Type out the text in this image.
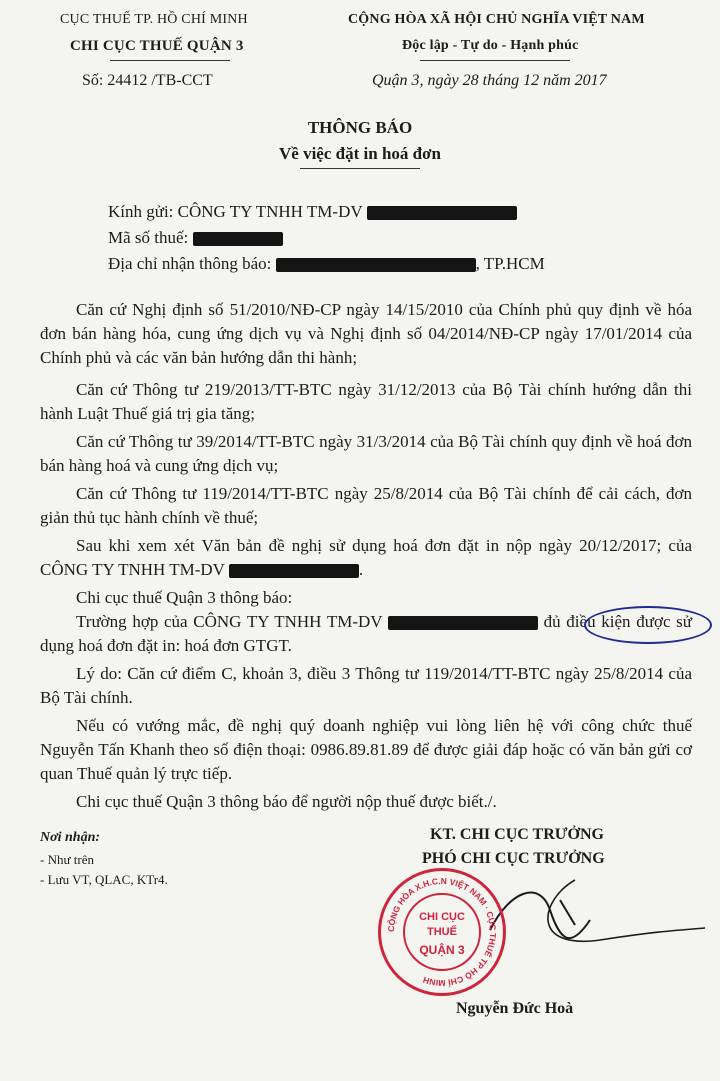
CỤC THUẾ TP. HỒ CHÍ MINH
CHI CỤC THUẾ QUẬN 3
Số: 24412 /TB-CCT
CỘNG HÒA XÃ HỘI CHỦ NGHĨA VIỆT NAM
Độc lập - Tự do - Hạnh phúc
Quận 3, ngày 28 tháng 12 năm 2017
THÔNG BÁO
Về việc đặt in hoá đơn
Kính gửi: CÔNG TY TNHH TM-DV
Mã số thuế:
Địa chỉ nhận thông báo:	, TP.HCM
Căn cứ Nghị định số 51/2010/NĐ-CP ngày 14/15/2010 của Chính phủ quy định về hóa đơn bán hàng hóa, cung ứng dịch vụ và Nghị định số 04/2014/NĐ-CP ngày 17/01/2014 của Chính phủ và các văn bản hướng dẫn thi hành;
Căn cứ Thông tư 219/2013/TT-BTC ngày 31/12/2013 của Bộ Tài chính hướng dẫn thi hành Luật Thuế giá trị gia tăng;
Căn cứ Thông tư 39/2014/TT-BTC ngày 31/3/2014 của Bộ Tài chính quy định về hoá đơn bán hàng hoá và cung ứng dịch vụ;
Căn cứ Thông tư 119/2014/TT-BTC ngày 25/8/2014 của Bộ Tài chính để cải cách, đơn giản thủ tục hành chính về thuế;
Sau khi xem xét Văn bản đề nghị sử dụng hoá đơn đặt in nộp ngày 20/12/2017; của CÔNG TY TNHH TM-DV	.
Chi cục thuế Quận 3 thông báo:
Trường hợp của CÔNG TY TNHH TM-DV	đủ điều kiện được sử dụng hoá đơn đặt in: hoá đơn GTGT.
Lý do: Căn cứ điểm C, khoản 3, điều 3 Thông tư 119/2014/TT-BTC ngày 25/8/2014 của Bộ Tài chính.
Nếu có vướng mắc, đề nghị quý doanh nghiệp vui lòng liên hệ với công chức thuế Nguyễn Tấn Khanh theo số điện thoại: 0986.89.81.89 để được giải đáp hoặc có văn bản gửi cơ quan Thuế quản lý trực tiếp.
Chi cục thuế Quận 3 thông báo để người nộp thuế được biết./.
Nơi nhận:
- Như trên
- Lưu VT, QLAC, KTr4.
KT. CHI CỤC TRƯỞNG
PHÓ CHI CỤC TRƯỞNG
CỘNG HÒA X.H.C.N VIỆT NAM · CỤC THUẾ TP HỒ CHÍ MINH
CHI CỤC
THUẾ
QUẬN 3
Nguyễn Đức Hoà
